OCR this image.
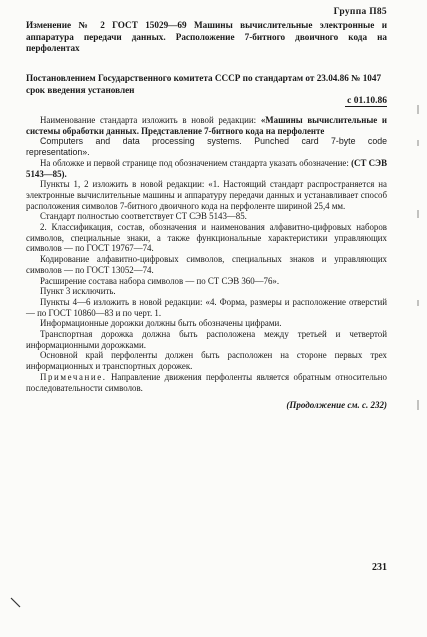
Группа П85
Изменение № 2 ГОСТ 15029—69 Машины вычислительные электронные и аппаратура передачи данных. Расположение 7-битного двоичного кода на перфолентах
Постановлением Государственного комитета СССР по стандартам от 23.04.86 № 1047 срок введения установлен
с 01.10.86

Наименование стандарта изложить в новой редакции: «Машины вычислительные и системы обработки данных. Представление 7-битного кода на перфоленте

Computers and data processing systems. Punched card 7-byte code representation».

На обложке и первой странице под обозначением стандарта указать обозначение: (СТ СЭВ 5143—85).

Пункты 1, 2 изложить в новой редакции: «1. Настоящий стандарт распространяется на электронные вычислительные машины и аппаратуру передачи данных и устанавливает способ расположения символов 7-битного двоичного кода на перфоленте шириной 25,4 мм.

Стандарт полностью соответствует СТ СЭВ 5143—85.

2. Классификация, состав, обозначения и наименования алфавитно-цифровых наборов символов, специальные знаки, а также функциональные характеристики управляющих символов — по ГОСТ 19767—74.

Кодирование алфавитно-цифровых символов, специальных знаков и управляющих символов — по ГОСТ 13052—74.

Расширение состава набора символов — по СТ СЭВ 360—76».

Пункт 3 исключить.

Пункты 4—6 изложить в новой редакции: «4. Форма, размеры и расположение отверстий — по ГОСТ 10860—83 и по черт. 1.

Информационные дорожки должны быть обозначены цифрами.

Транспортная дорожка должна быть расположена между третьей и четвертой информационными дорожками.

Основной край перфоленты должен быть расположен на стороне первых трех информационных и транспортных дорожек.

Примечание. Направление движения перфоленты является обратным относительно последовательности символов.

(Продолжение см. с. 232)
231
